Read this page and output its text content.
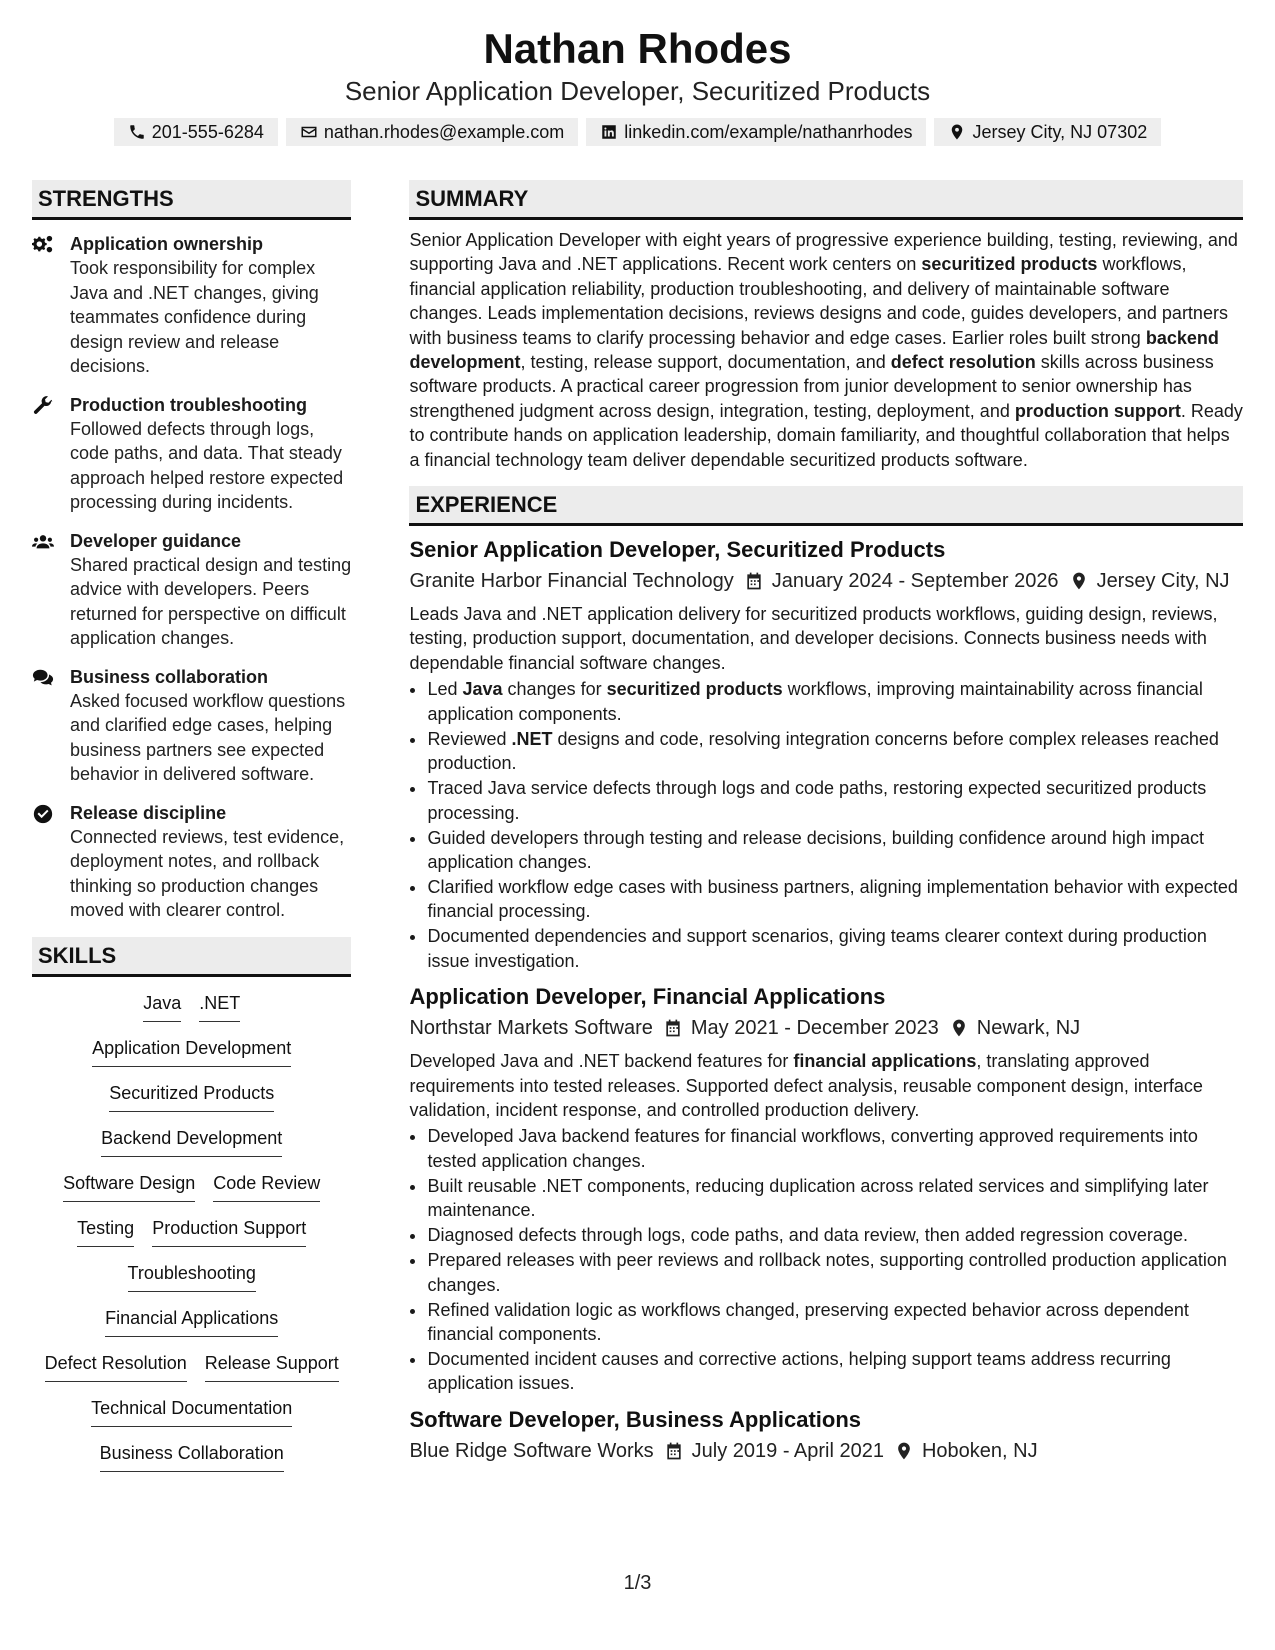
Nathan Rhodes

Senior Application Developer, Securitized Products

201-555-6284	nathan.rhodes@example.com	linkedin.com/example/nathanrhodes	Jersey City, NJ 07302
STRENGTHS
Application ownership
Took responsibility for complex Java and .NET changes, giving teammates confidence during design review and release decisions.
Production troubleshooting
Followed defects through logs, code paths, and data. That steady approach helped restore expected processing during incidents.
Developer guidance
Shared practical design and testing advice with developers. Peers returned for perspective on difficult application changes.
Business collaboration
Asked focused workflow questions and clarified edge cases, helping business partners see expected behavior in delivered software.
Release discipline
Connected reviews, test evidence, deployment notes, and rollback thinking so production changes moved with clearer control.
SKILLS
Java .NET
Application Development
Securitized Products
Backend Development
Software Design Code Review
Testing Production Support
Troubleshooting
Financial Applications
Defect Resolution Release Support
Technical Documentation
Business Collaboration
SUMMARY
Senior Application Developer with eight years of progressive experience building, testing, reviewing, and supporting Java and .NET applications. Recent work centers on securitized products workflows, financial application reliability, production troubleshooting, and delivery of maintainable software changes. Leads implementation decisions, reviews designs and code, guides developers, and partners with business teams to clarify processing behavior and edge cases. Earlier roles built strong backend development, testing, release support, documentation, and defect resolution skills across business software products. A practical career progression from junior development to senior ownership has strengthened judgment across design, integration, testing, deployment, and production support. Ready to contribute hands on application leadership, domain familiarity, and thoughtful collaboration that helps a financial technology team deliver dependable securitized products software.
EXPERIENCE
Senior Application Developer, Securitized Products
Granite Harbor Financial Technology January 2024 - September 2026 Jersey City, NJ
Leads Java and .NET application delivery for securitized products workflows, guiding design, reviews, testing, production support, documentation, and developer decisions. Connects business needs with dependable financial software changes.
• Led Java changes for securitized products workflows, improving maintainability across financial application components.
• Reviewed .NET designs and code, resolving integration concerns before complex releases reached production.
• Traced Java service defects through logs and code paths, restoring expected securitized products processing.
• Guided developers through testing and release decisions, building confidence around high impact application changes.
• Clarified workflow edge cases with business partners, aligning implementation behavior with expected financial processing.
• Documented dependencies and support scenarios, giving teams clearer context during production issue investigation.
Application Developer, Financial Applications
Northstar Markets Software May 2021 - December 2023 Newark, NJ
Developed Java and .NET backend features for financial applications, translating approved requirements into tested releases. Supported defect analysis, reusable component design, interface validation, incident response, and controlled production delivery.
• Developed Java backend features for financial workflows, converting approved requirements into tested application changes.
• Built reusable .NET components, reducing duplication across related services and simplifying later maintenance.
• Diagnosed defects through logs, code paths, and data review, then added regression coverage.
• Prepared releases with peer reviews and rollback notes, supporting controlled production application changes.
• Refined validation logic as workflows changed, preserving expected behavior across dependent financial components.
• Documented incident causes and corrective actions, helping support teams address recurring application issues.
Software Developer, Business Applications
Blue Ridge Software Works July 2019 - April 2021 Hoboken, NJ
1/3
